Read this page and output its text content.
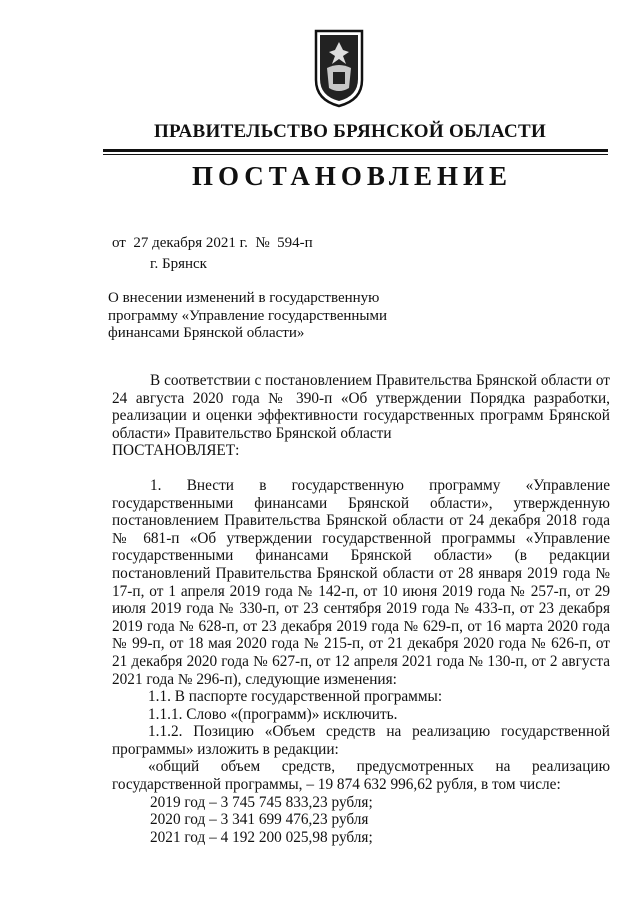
ПРАВИТЕЛЬСТВО БРЯНСКОЙ ОБЛАСТИ
ПОСТАНОВЛЕНИЕ
от  27 декабря 2021 г.  №  594-п
г. Брянск
О внесении изменений в государственную
программу «Управление государственными
финансами Брянской области»

В соответствии с постановлением Правительства Брянской области от 24 августа 2020 года № 390-п «Об утверждении Порядка разработки, реализации и оценки эффективности государственных программ Брянской области» Правительство Брянской области

ПОСТАНОВЛЯЕТ:

1. Внести в государственную программу «Управление государственными финансами Брянской области», утвержденную постановлением Правительства Брянской области от 24 декабря 2018 года № 681-п «Об утверждении государственной программы «Управление государственными финансами Брянской области» (в редакции постановлений Правительства Брянской области от 28 января 2019 года № 17-п, от 1 апреля 2019 года № 142-п, от 10 июня 2019 года № 257-п, от 29 июля 2019 года № 330-п, от 23 сентября 2019 года № 433-п, от 23 декабря 2019 года № 628-п, от 23 декабря 2019 года № 629-п, от 16 марта 2020 года № 99-п, от 18 мая 2020 года № 215-п, от 21 декабря 2020 года № 626-п, от 21 декабря 2020 года № 627-п, от 12 апреля 2021 года № 130-п, от 2 августа 2021 года № 296-п), следующие изменения:

1.1. В паспорте государственной программы:

1.1.1. Слово «(программ)» исключить.

1.1.2. Позицию «Объем средств на реализацию государственной программы» изложить в редакции:

«общий объем средств, предусмотренных на реализацию государственной программы, – 19 874 632 996,62 рубля, в том числе:

2019 год – 3 745 745 833,23 рубля;
2020 год – 3 341 699 476,23 рубля
2021 год – 4 192 200 025,98 рубля;
